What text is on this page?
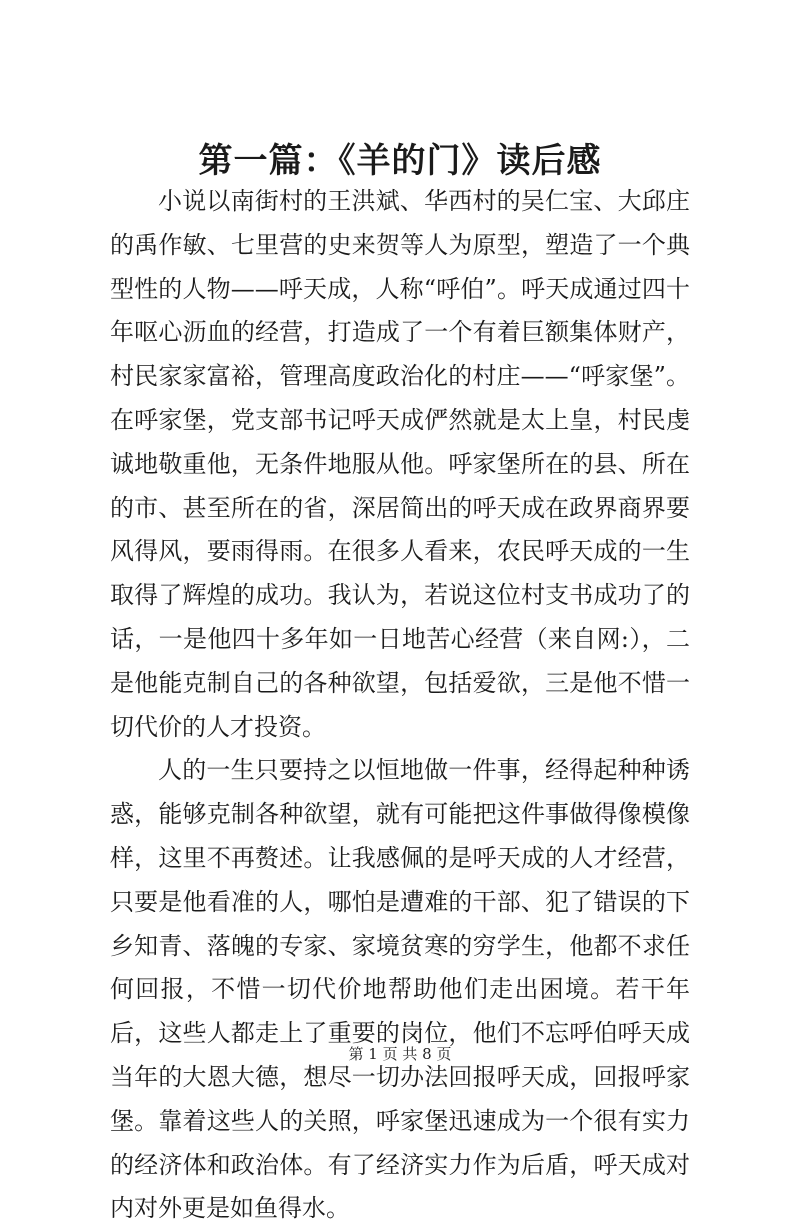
第一篇：《羊的门》读后感

小说以南街村的王洪斌、华西村的吴仁宝、大邱庄的禹作敏、七里营的史来贺等人为原型，塑造了一个典型性的人物——呼天成，人称“呼伯”。呼天成通过四十年呕心沥血的经营，打造成了一个有着巨额集体财产，村民家家富裕，管理高度政治化的村庄——“呼家堡”。在呼家堡，党支部书记呼天成俨然就是太上皇，村民虔诚地敬重他，无条件地服从他。呼家堡所在的县、所在的市、甚至所在的省，深居简出的呼天成在政界商界要风得风，要雨得雨。在很多人看来，农民呼天成的一生取得了辉煌的成功。我认为，若说这位村支书成功了的话，一是他四十多年如一日地苦心经营（来自网:），二是他能克制自己的各种欲望，包括爱欲，三是他不惜一切代价的人才投资。

人的一生只要持之以恒地做一件事，经得起种种诱惑，能够克制各种欲望，就有可能把这件事做得像模像样，这里不再赘述。让我感佩的是呼天成的人才经营，只要是他看准的人，哪怕是遭难的干部、犯了错误的下乡知青、落魄的专家、家境贫寒的穷学生，他都不求任何回报，不惜一切代价地帮助他们走出困境。若干年后，这些人都走上了重要的岗位，他们不忘呼伯呼天成当年的大恩大德，想尽一切办法回报呼天成，回报呼家堡。靠着这些人的关照，呼家堡迅速成为一个很有实力的经济体和政治体。有了经济实力作为后盾，呼天成对内对外更是如鱼得水。

第 1 页 共 8 页
